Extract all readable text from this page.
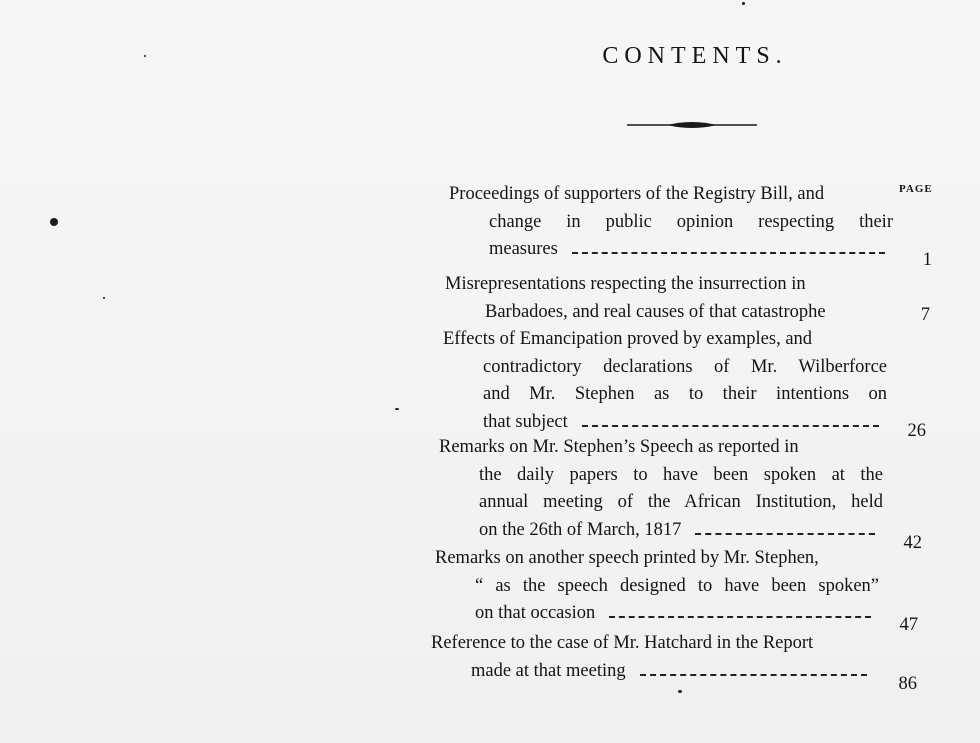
CONTENTS.
PAGE
Proceedings of supporters of the Registry Bill, and
change in public opinion respecting their
measures
1
Misrepresentations respecting the insurrection in
Barbadoes, and real causes of that catastrophe	7
Effects of Emancipation proved by examples, and
contradictory declarations of Mr. Wilberforce
and Mr. Stephen as to their intentions on
that subject	26
Remarks on Mr. Stephen’s Speech as reported in
the daily papers to have been spoken at the
annual meeting of the African Institution, held
on the 26th of March, 1817
42
Remarks on another speech printed by Mr. Stephen,
“ as the speech designed to have been spoken”
on that occasion
47
Reference to the case of Mr. Hatchard in the Report
made at that meeting
86
